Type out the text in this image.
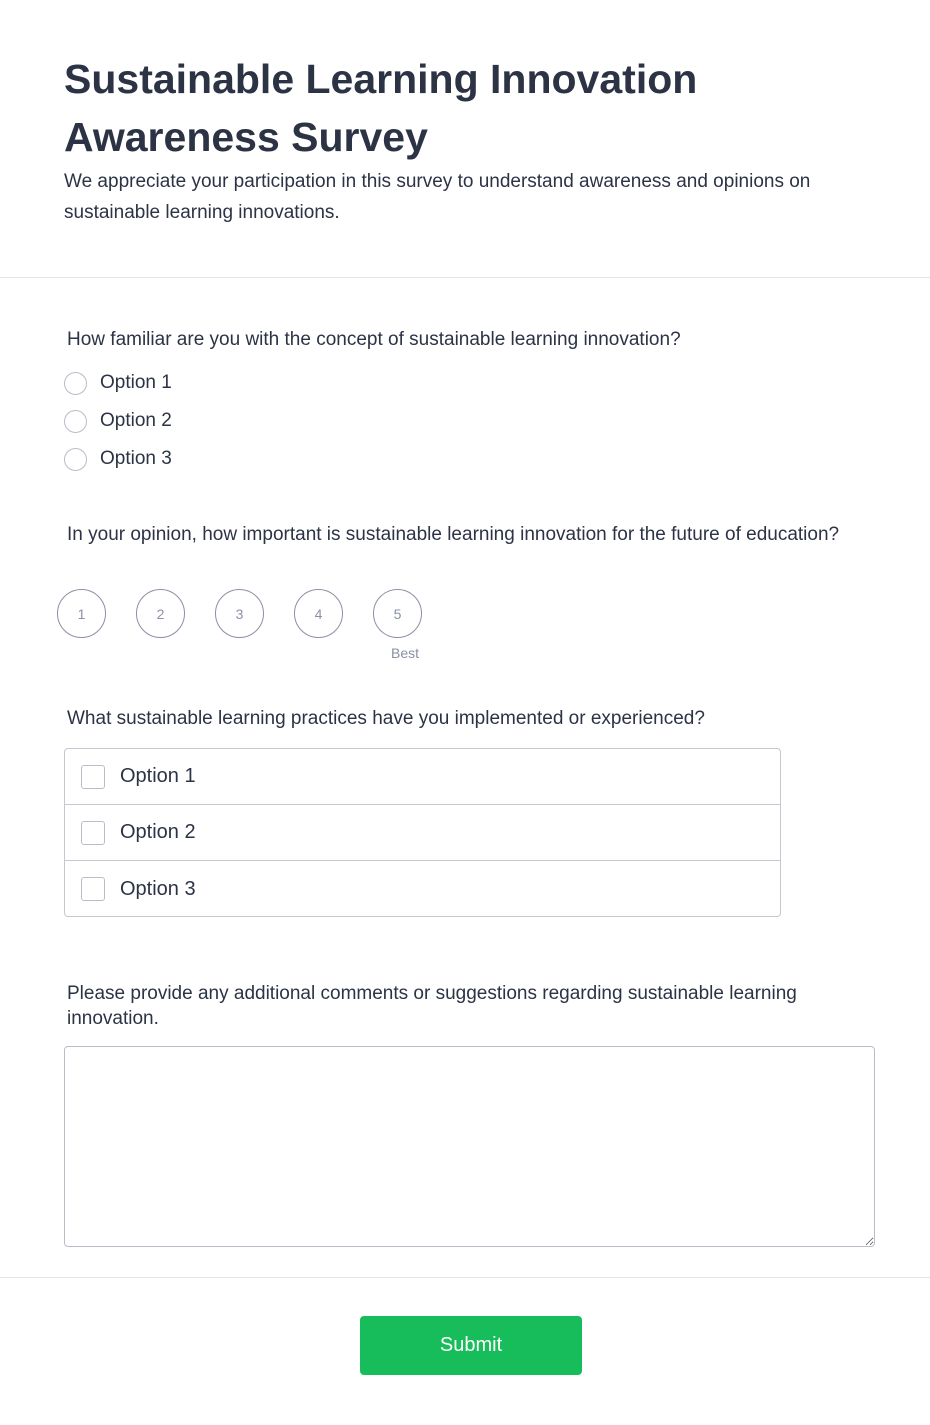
Sustainable Learning Innovation Awareness Survey
We appreciate your participation in this survey to understand awareness and opinions on sustainable learning innovations.
How familiar are you with the concept of sustainable learning innovation?
Option 1
Option 2
Option 3
In your opinion, how important is sustainable learning innovation for the future of education?
1	2	3	4	5
Best
What sustainable learning practices have you implemented or experienced?
Option 1
Option 2
Option 3
Please provide any additional comments or suggestions regarding sustainable learning innovation.
Submit
